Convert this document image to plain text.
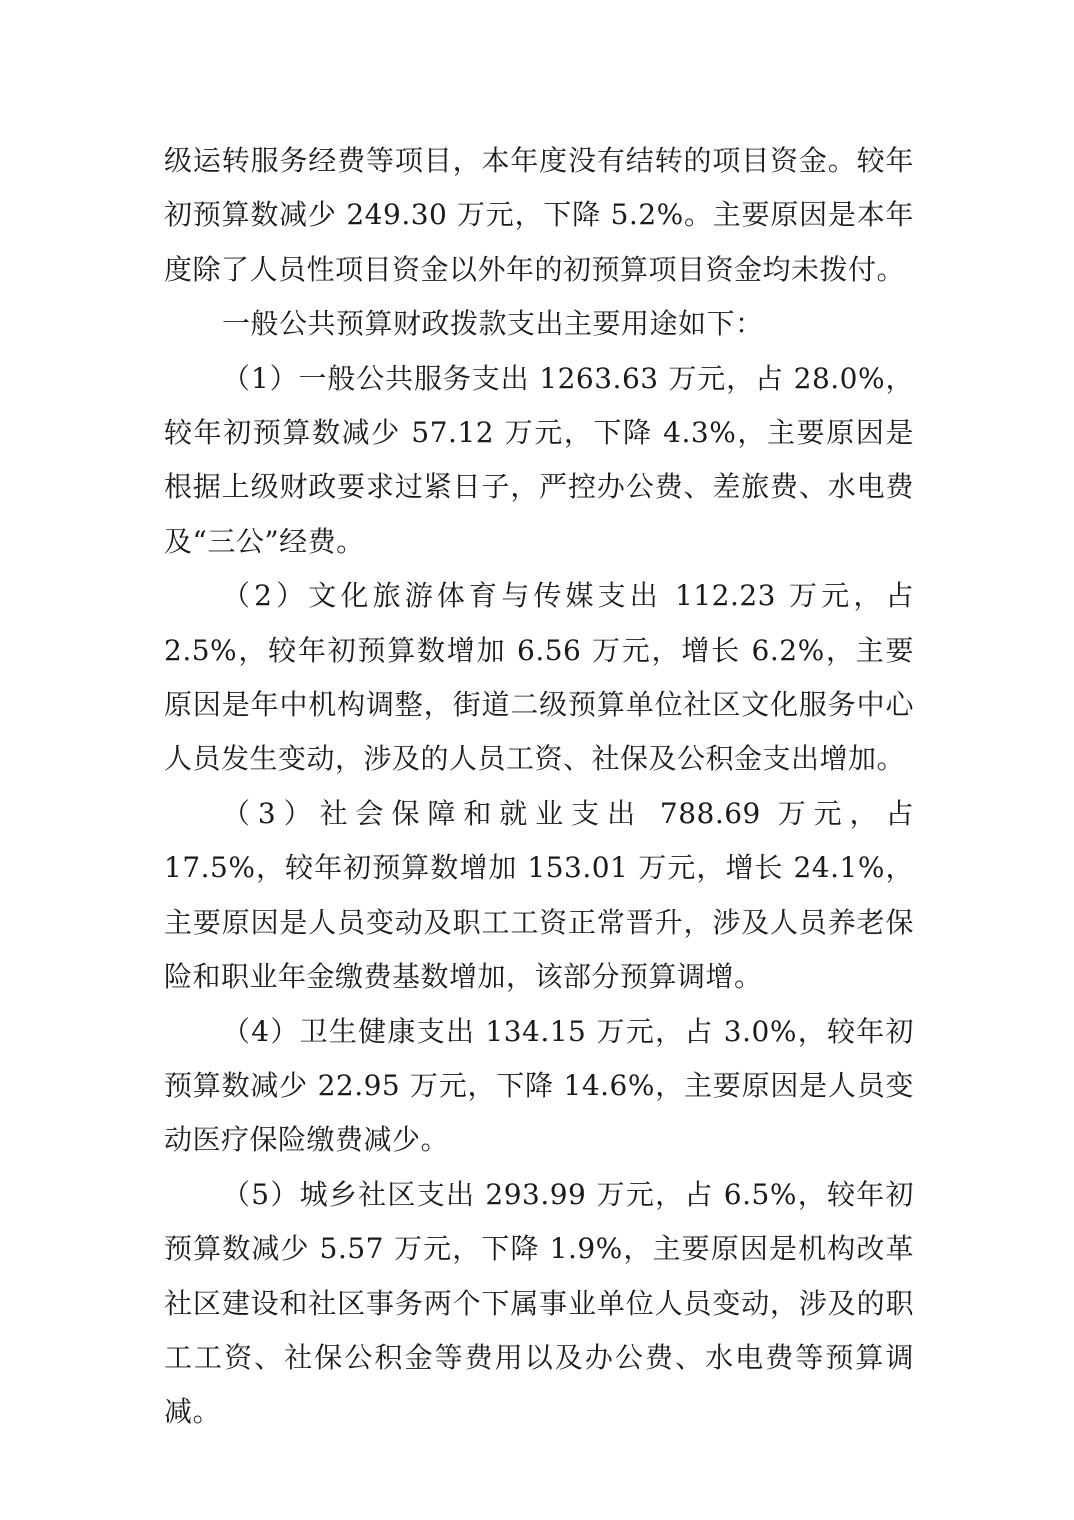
级运转服务经费等项目，本年度没有结转的项目资金。较年初预算数减少 249.30 万元，下降 5.2%。主要原因是本年度除了人员性项目资金以外年的初预算项目资金均未拨付。

一般公共预算财政拨款支出主要用途如下：

（1）一般公共服务支出 1263.63 万元，占 28.0%，较年初预算数减少 57.12 万元，下降 4.3%，主要原因是根据上级财政要求过紧日子，严控办公费、差旅费、水电费及“三公”经费。

（2）文化旅游体育与传媒支出 112.23 万元，占 2.5%，较年初预算数增加 6.56 万元，增长 6.2%，主要原因是年中机构调整，街道二级预算单位社区文化服务中心人员发生变动，涉及的人员工资、社保及公积金支出增加。

（3）社会保障和就业支出 788.69 万元，占 17.5%，较年初预算数增加 153.01 万元，增长 24.1%，主要原因是人员变动及职工工资正常晋升，涉及人员养老保险和职业年金缴费基数增加，该部分预算调增。

（4）卫生健康支出 134.15 万元，占 3.0%，较年初预算数减少 22.95 万元，下降 14.6%，主要原因是人员变动医疗保险缴费减少。

（5）城乡社区支出 293.99 万元，占 6.5%，较年初预算数减少 5.57 万元，下降 1.9%，主要原因是机构改革社区建设和社区事务两个下属事业单位人员变动，涉及的职工工资、社保公积金等费用以及办公费、水电费等预算调减。
